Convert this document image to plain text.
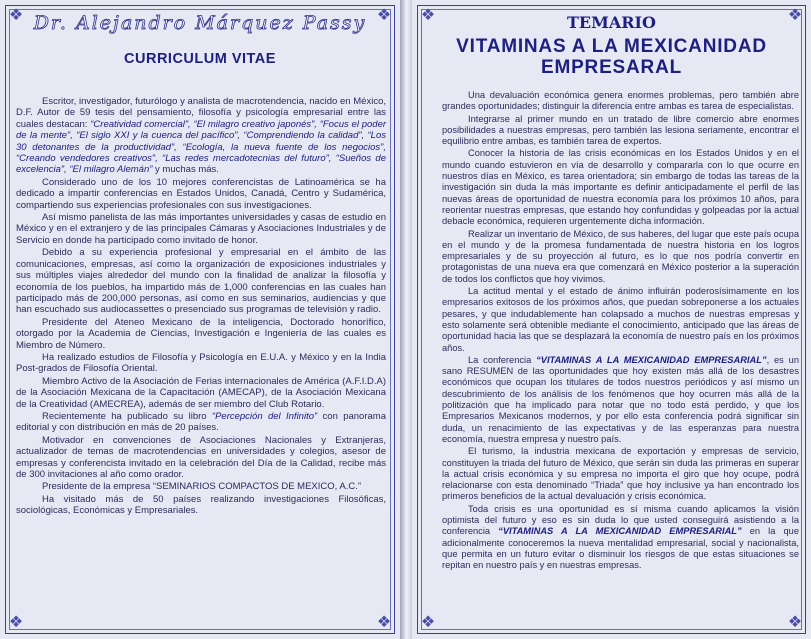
❖	❖
❖	❖
Dr. Alejandro Márquez Passy
CURRICULUM VITAE

Escritor, investigador, futurólogo y analista de macrotendencia, nacido en México, D.F. Autor de 59 tesis del pensamiento, filosofía y psicología empresarial entre las cuales destacan: “Creatividad comercial”, “El milagro creativo japonés”, “Focus el poder de la mente”, “El siglo XXI y la cuenca del pacífico”, “Comprendiendo la calidad”, “Los 30 detonantes de la productividad”, “Ecología, la nueva fuente de los negocios”, “Creando vendedores creativos”, “Las redes mercadotecnias del futuro”, “Sueños de excelencia”, “El milagro Alemán” y muchas más.

Considerado uno de los 10 mejores conferencistas de Latinoamérica se ha dedicado a impartir conferencias en Estados Unidos, Canadá, Centro y Sudamérica, compartiendo sus experiencias profesionales con sus investigaciones.

Así mismo panelista de las más importantes universidades y casas de estudio en México y en el extranjero y de las principales Cámaras y Asociaciones Industriales y de Servicio en donde ha participado como invitado de honor.

Debido a su experiencia profesional y empresarial en el ámbito de las comunicaciones, empresas, así como la organización de exposiciones industriales y sus múltiples viajes alrededor del mundo con la finalidad de analizar la filosofía y economía de los pueblos, ha impartido más de 1,000 conferencias en las cuales han participado más de 200,000 personas, así como en sus seminarios, audiencias y que han escuchado sus audiocassettes o presenciado sus programas de televisión y radio.

Presidente del Ateneo Mexicano de la inteligencia, Doctorado honorífico, otorgado por la Academia de Ciencias, Investigación e Ingeniería de las cuales es Miembro de Número.

Ha realizado estudios de Filosofía y Psicología en E.U.A. y México y en la India Post-grados de Filosofía Oriental.

Miembro Activo de la Asociación de Ferias internacionales de América (A.F.I.D.A) de la Asociación Mexicana de la Capacitación (AMECAP), de la Asociación Mexicana de la Creatividad (AMECREA), además de ser miembro del Club Rotario.

Recientemente ha publicado su libro “Percepción del Infinito” con panorama editorial y con distribución en más de 20 países.

Motivador en convenciones de Asociaciones Nacionales y Extranjeras, actualizador de temas de macrotendencias en universidades y colegios, asesor de empresas y conferencista invitado en la celebración del Día de la Calidad, recibe más de 300 invitaciones al año como orador.

Presidente de la empresa “SEMINARIOS COMPACTOS DE MEXICO, A.C.”

Ha visitado más de 50 países realizando investigaciones Filosóficas, sociológicas, Económicas y Empresariales.

❖	❖
❖	❖
TEMARIO
VITAMINAS A LA MEXICANIDAD
EMPRESARAL

Una devaluación económica genera enormes problemas, pero también abre grandes oportunidades; distinguir la diferencia entre ambas es tarea de especialistas.

Integrarse al primer mundo en un tratado de libre comercio abre enormes posibilidades a nuestras empresas, pero también las lesiona seriamente, encontrar el equilibrio entre ambas, es también tarea de expertos.

Conocer la historia de las crisis económicas en los Estados Unidos y en el mundo cuando estuvieron en vía de desarrollo y compararla con lo que ocurre en nuestros días en México, es tarea orientadora; sin embargo de todas las tareas de la investigación sin duda la más importante es definir anticipadamente el perfil de las nuevas áreas de oportunidad de nuestra economía para los próximos 10 años, para reorientar nuestras empresas, que estando hoy confundidas y golpeadas por la actual debacle económica, requieren urgentemente dicha información.

Realizar un inventario de México, de sus haberes, del lugar que este país ocupa en el mundo y de la promesa fundamentada de nuestra historia en los logros empresariales y de su proyección al futuro, es lo que nos podría convertir en protagonistas de una nueva era que comenzará en México posterior a la superación de todos los conflictos que hoy vivimos.

La actitud mental y el estado de ánimo influirán poderosísimamente en los empresarios exitosos de los próximos años, que puedan sobreponerse a los actuales pesares, y que indudablemente han colapsado a muchos de nuestras empresas y esto solamente será obtenible mediante el conocimiento, anticipado que las áreas de oportunidad hacia las que se desplazará la economía de nuestro país en los próximos años.

La conferencia “VITAMINAS A LA MEXICANIDAD EMPRESARIAL”, es un sano RESUMEN de las oportunidades que hoy existen más allá de los desastres económicos que ocupan los titulares de todos nuestros periódicos y así mismo un descubrimiento de los análisis de los fenómenos que hoy ocurren más allá de la politización que ha implicado para notar que no todo está perdido, y que los Empresarios Mexicanos modernos, y por ello esta conferencia podrá significar sin duda, un renacimiento de las expectativas y de las esperanzas para nuestra economía, nuestra empresa y nuestro país.

El turismo, la industria mexicana de exportación y empresas de servicio, constituyen la triada del futuro de México, que serán sin duda las primeras en superar la actual crisis económica y su empresa no importa el giro que hoy ocupe, podrá relacionarse con esta denominado “Triada” que hoy inclusive ya han encontrado los primeros beneficios de la actual devaluación y crisis económica.

Toda crisis es una oportunidad es sí misma cuando aplicamos la visión optimista del futuro y eso es sin duda lo que usted conseguirá asistiendo a la conferencia “VITAMINAS A LA MEXICANIDAD EMPRESARIAL” en la que adicionalmente conoceremos la nueva mentalidad empresarial, social y nacionalista, que permita en un futuro evitar o disminuir los riesgos de que estas situaciones se repitan en nuestro país y en nuestras empresas.
